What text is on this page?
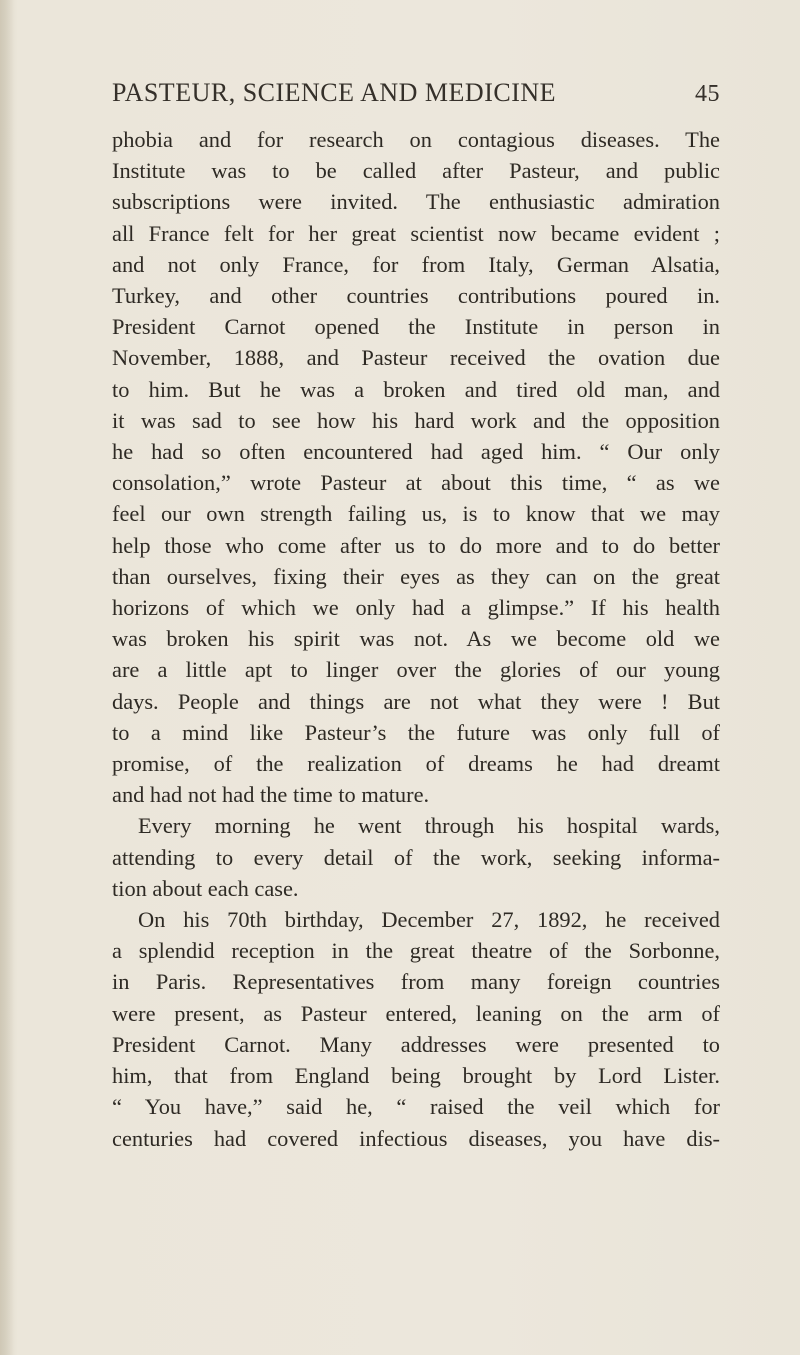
PASTEUR, SCIENCE AND MEDICINE	45

phobia and for research on contagious diseases. The

Institute was to be called after Pasteur, and public

subscriptions were invited. The enthusiastic admiration

all France felt for her great scientist now became evident ;

and not only France, for from Italy, German Alsatia,

Turkey, and other countries contributions poured in.

President Carnot opened the Institute in person in

November, 1888, and Pasteur received the ovation due

to him. But he was a broken and tired old man, and

it was sad to see how his hard work and the opposition

he had so often encountered had aged him. “ Our only

consolation,” wrote Pasteur at about this time, “ as we

feel our own strength failing us, is to know that we may

help those who come after us to do more and to do better

than ourselves, fixing their eyes as they can on the great

horizons of which we only had a glimpse.” If his health

was broken his spirit was not. As we become old we

are a little apt to linger over the glories of our young

days. People and things are not what they were ! But

to a mind like Pasteur’s the future was only full of

promise, of the realization of dreams he had dreamt

and had not had the time to mature.

Every morning he went through his hospital wards,

attending to every detail of the work, seeking informa-

tion about each case.

On his 70th birthday, December 27, 1892, he received

a splendid reception in the great theatre of the Sorbonne,

in Paris. Representatives from many foreign countries

were present, as Pasteur entered, leaning on the arm of

President Carnot. Many addresses were presented to

him, that from England being brought by Lord Lister.

“ You have,” said he, “ raised the veil which for

centuries had covered infectious diseases, you have dis-
